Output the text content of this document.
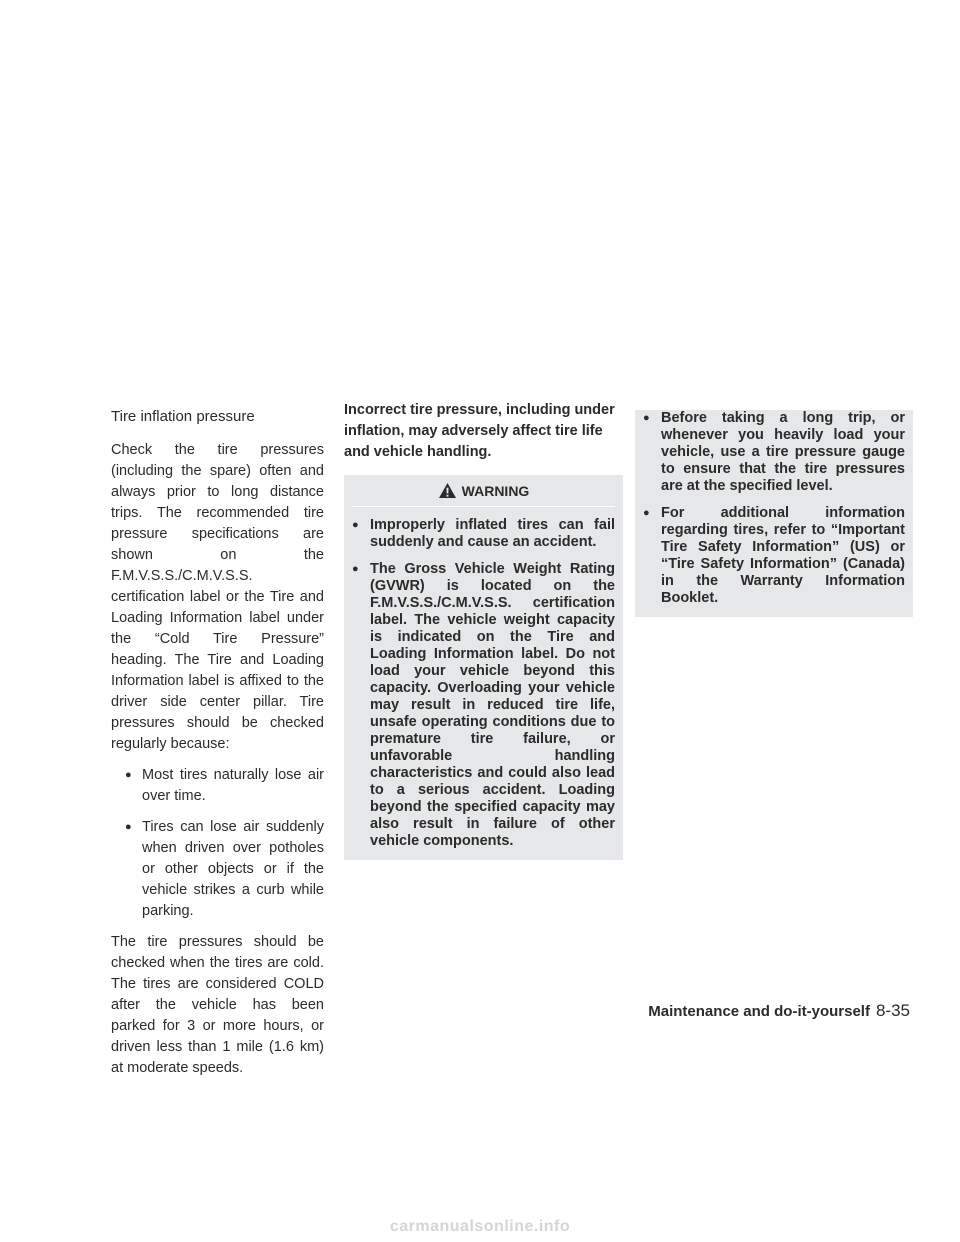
Tire inflation pressure

Check the tire pressures (including the spare) often and always prior to long distance trips. The recommended tire pressure specifications are shown on the F.M.V.S.S./C.M.V.S.S. certification label or the Tire and Loading Information label under the “Cold Tire Pressure” heading. The Tire and Loading Information label is affixed to the driver side center pillar. Tire pressures should be checked regularly because:

● Most tires naturally lose air over time.
● Tires can lose air suddenly when driven over potholes or other objects or if the vehicle strikes a curb while parking.

The tire pressures should be checked when the tires are cold. The tires are considered COLD after the vehicle has been parked for 3 or more hours, or driven less than 1 mile (1.6 km) at moderate speeds.

Incorrect tire pressure, including under inflation, may adversely affect tire life and vehicle handling.

WARNING
● Improperly inflated tires can fail suddenly and cause an accident.
● The Gross Vehicle Weight Rating (GVWR) is located on the F.M.V.S.S./C.M.V.S.S. certification label. The vehicle weight capacity is indicated on the Tire and Loading Information label. Do not load your vehicle beyond this capacity. Overloading your vehicle may result in reduced tire life, unsafe operating conditions due to premature tire failure, or unfavorable handling characteristics and could also lead to a serious accident. Loading beyond the specified capacity may also result in failure of other vehicle components.
● Before taking a long trip, or whenever you heavily load your vehicle, use a tire pressure gauge to ensure that the tire pressures are at the specified level.
● For additional information regarding tires, refer to “Important Tire Safety Information” (US) or “Tire Safety Information” (Canada) in the Warranty Information Booklet.
Maintenance and do-it-yourself 8-35
carmanualsonline.info
